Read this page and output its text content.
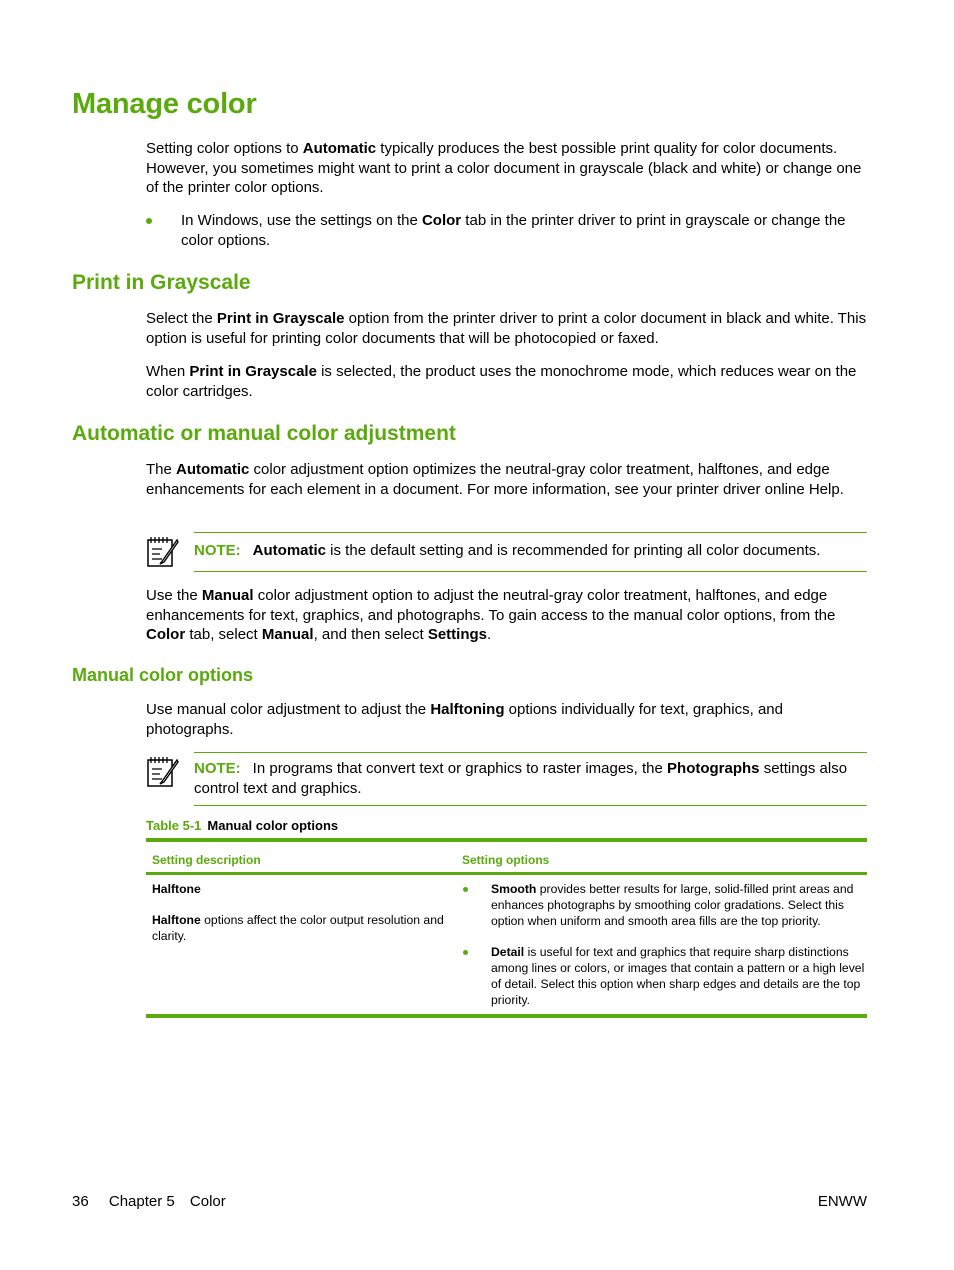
Manage color

Setting color options to Automatic typically produces the best possible print quality for color documents. However, you sometimes might want to print a color document in grayscale (black and white) or change one of the printer color options.

In Windows, use the settings on the Color tab in the printer driver to print in grayscale or change the color options.
Print in Grayscale

Select the Print in Grayscale option from the printer driver to print a color document in black and white. This option is useful for printing color documents that will be photocopied or faxed.

When Print in Grayscale is selected, the product uses the monochrome mode, which reduces wear on the color cartridges.

Automatic or manual color adjustment

The Automatic color adjustment option optimizes the neutral-gray color treatment, halftones, and edge enhancements for each element in a document. For more information, see your printer driver online Help.

NOTE: Automatic is the default setting and is recommended for printing all color documents.

Use the Manual color adjustment option to adjust the neutral-gray color treatment, halftones, and edge enhancements for text, graphics, and photographs. To gain access to the manual color options, from the Color tab, select Manual, and then select Settings.

Manual color options

Use manual color adjustment to adjust the Halftoning options individually for text, graphics, and photographs.

NOTE: In programs that convert text or graphics to raster images, the Photographs settings also control text and graphics.
Table 5-1 Manual color options
Setting description	Setting options
Halftone
Halftone options affect the color output resolution and clarity.
Smooth provides better results for large, solid-filled print areas and enhances photographs by smoothing color gradations. Select this option when uniform and smooth area fills are the top priority.
Detail is useful for text and graphics that require sharp distinctions among lines or colors, or images that contain a pattern or a high level of detail. Select this option when sharp edges and details are the top priority.
36 Chapter 5 Color	ENWW
